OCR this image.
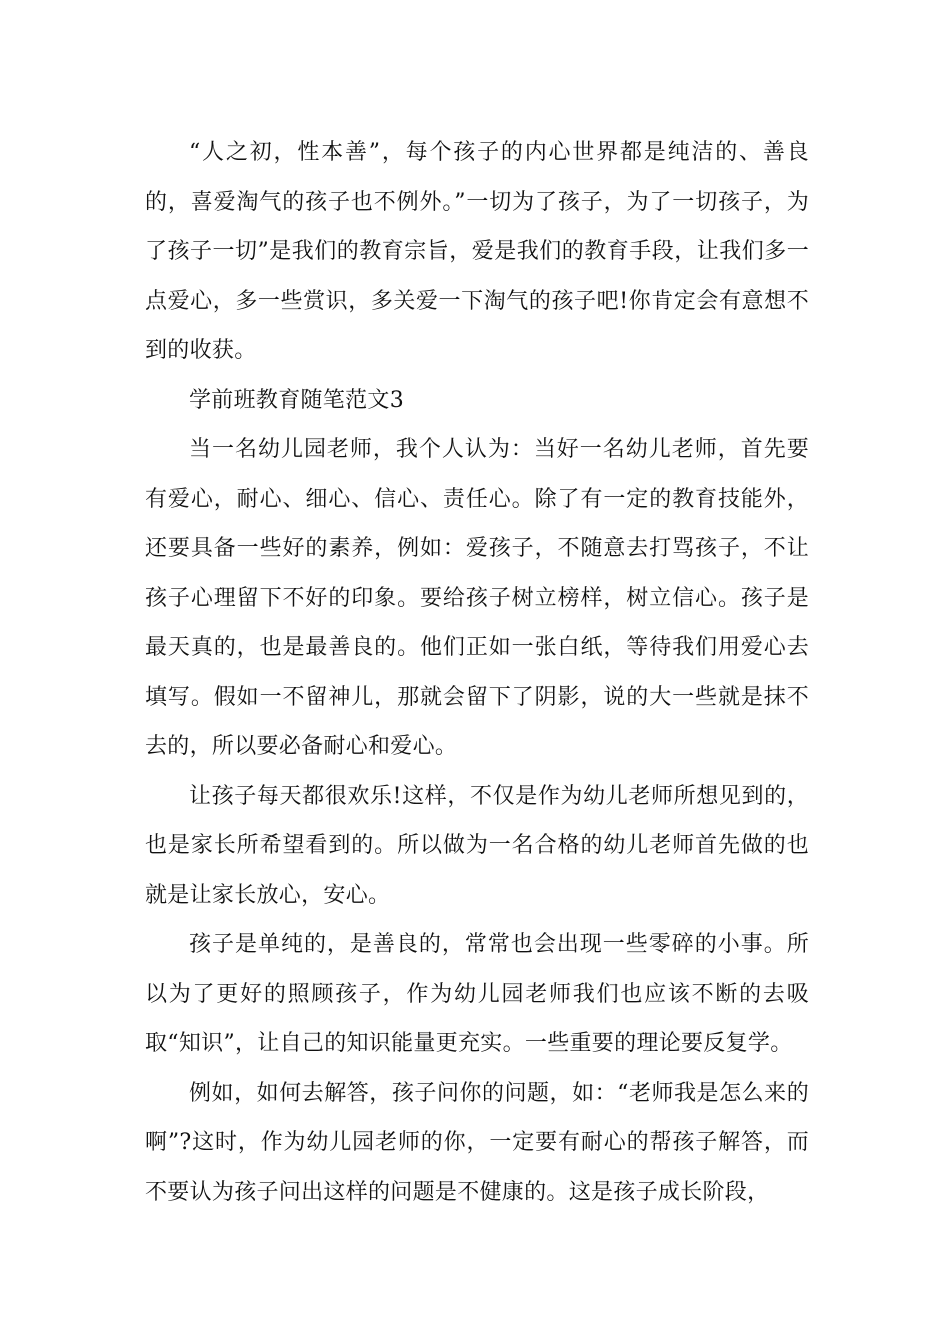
“人之初，性本善”，每个孩子的内心世界都是纯洁的、善良的，喜爱淘气的孩子也不例外。”一切为了孩子，为了一切孩子，为了孩子一切”是我们的教育宗旨，爱是我们的教育手段，让我们多一点爱心，多一些赏识，多关爱一下淘气的孩子吧!你肯定会有意想不到的收获。

学前班教育随笔范文3

当一名幼儿园老师，我个人认为：当好一名幼儿老师，首先要有爱心，耐心、细心、信心、责任心。除了有一定的教育技能外，还要具备一些好的素养，例如：爱孩子，不随意去打骂孩子，不让孩子心理留下不好的印象。要给孩子树立榜样，树立信心。孩子是最天真的，也是最善良的。他们正如一张白纸，等待我们用爱心去填写。假如一不留神儿，那就会留下了阴影，说的大一些就是抹不去的，所以要必备耐心和爱心。

让孩子每天都很欢乐!这样，不仅是作为幼儿老师所想见到的，也是家长所希望看到的。所以做为一名合格的幼儿老师首先做的也就是让家长放心，安心。

孩子是单纯的，是善良的，常常也会出现一些零碎的小事。所以为了更好的照顾孩子，作为幼儿园老师我们也应该不断的去吸取“知识”，让自己的知识能量更充实。一些重要的理论要反复学。

例如，如何去解答，孩子问你的问题，如：“老师我是怎么来的啊”?这时，作为幼儿园老师的你，一定要有耐心的帮孩子解答，而不要认为孩子问出这样的问题是不健康的。这是孩子成长阶段，
